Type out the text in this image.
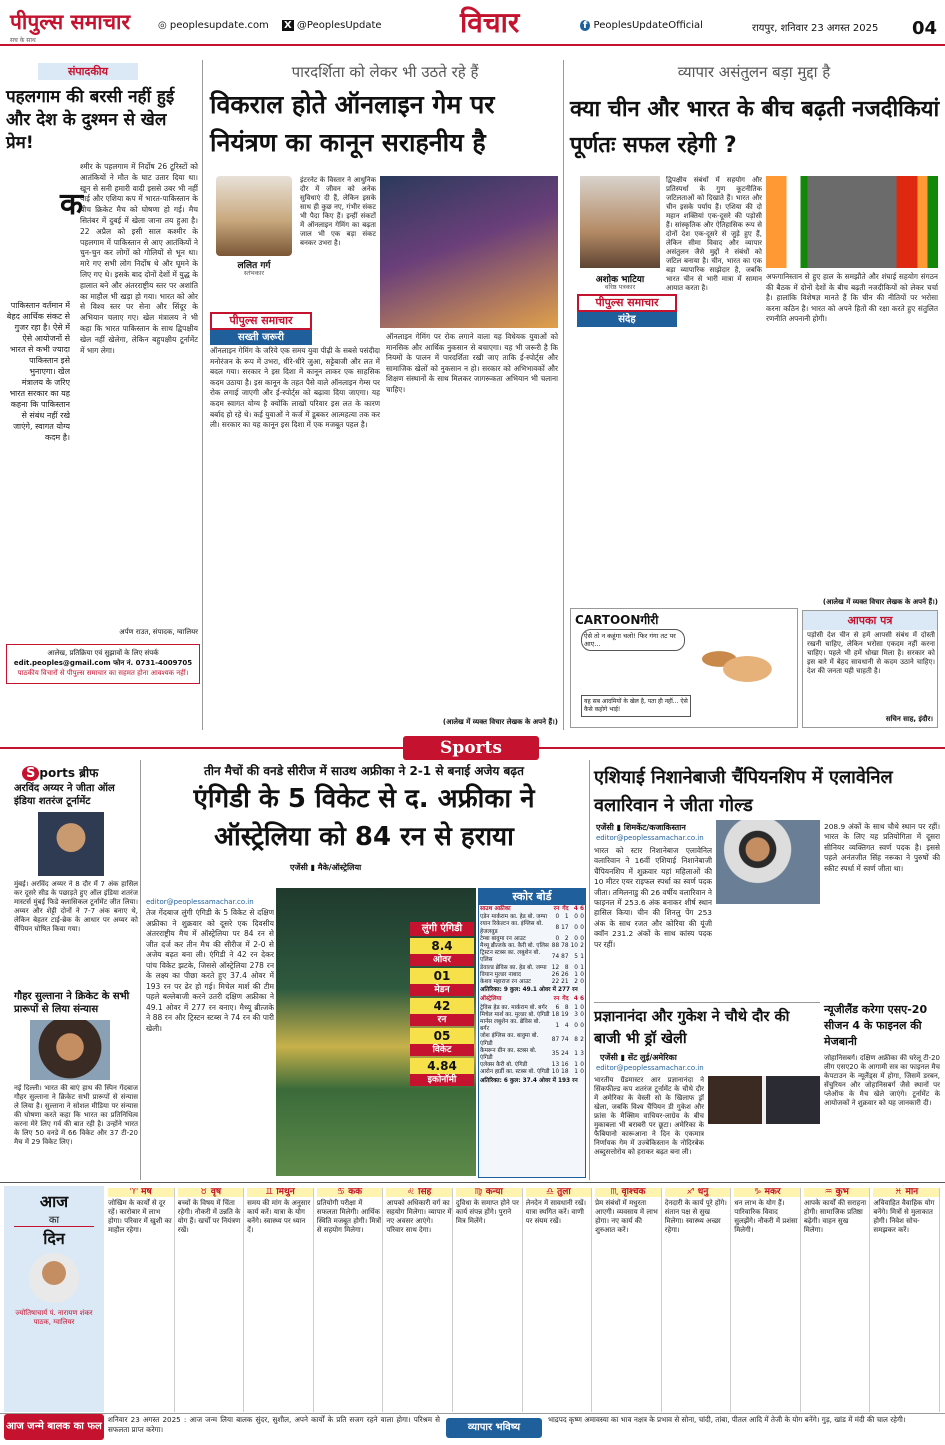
पीपुल्स समाचार
सच के साथ
◎ peoplesupdate.com X @PeoplesUpdate	विचार	f PeoplesUpdateOfficial	रायपुर, शनिवार 23 अगस्त 2025 04
संपादकीय
पहलगाम की बरसी नहीं हुई और देश के दुश्मन से खेल प्रेम!
क
श्मीर के पहलगाम में निर्दोष 26 टूरिस्टों को आतंकियों ने मौत के घाट उतार दिया था। खून से सनी हमारी वादी इससे उबर भी नहीं पाई और एशिया कप में भारत-पाकिस्तान के बीच क्रिकेट मैच को घोषणा हो गई। मैच सितंबर में दुबई में खेला जाना तय हुआ है। 22 अप्रैल को इसी साल कश्मीर के पहलगाम में पाकिस्तान से आए आतंकियों ने चुन-चुन कर लोगों को गोलियों से भून था। मारे गए सभी लोग निर्दोष थे और घूमने के लिए गए थे। इसके बाद दोनों देशों में युद्ध के हालात बने और अंतरराष्ट्रीय स्तर पर अशांति का माहौल भी खड़ा हो गया। भारत को ओर से विश्व स्तर पर सेना और सिंदूर के अभियान चलाए गए। खेल मंत्रालय ने भी कहा कि भारत पाकिस्तान के साथ द्विपक्षीय खेल नहीं खेलेगा, लेकिन बहुपक्षीय टूर्नामेंट में भाग लेगा।
पाकिस्तान वर्तमान में बेहद आर्थिक संकट से गुजर रहा है। ऐसे में ऐसे आयोजनों से भारत से कभी ज्यादा पाकिस्तान इसे भुनाएगा। खेल मंत्रालय के जरिए भारत सरकार का यह कहना कि पाकिस्तान से संबंध नहीं रखे जाएंगे, स्वागत योग्य कदम है।
अर्पण राउत, संपादक, ग्वालियर
आलेख, प्रतिक्रिया एवं सुझावों के लिए संपर्क
edit.peoples@gmail.com फोन नं. 0731-4009705
पाठकीय विचारों से पीपुल्स समाचार का सहमत होना आवश्यक नहीं।
पारदर्शिता को लेकर भी उठते रहे हैं
विकराल होते ऑनलाइन गेम पर नियंत्रण का कानून सराहनीय है
ललित गर्ग
स्तंभकार
इंटरनेट के विस्तार ने आधुनिक दौर में जीवन को अनेक सुविधाएं दी हैं, लेकिन इसके साथ ही कुछ नए, गंभीर संकट भी पैदा किए हैं। इन्हीं संकटों में ऑनलाइन गेमिंग का बढ़ता जाल भी एक बड़ा संकट बनकर उभरा है।
पीपुल्स समाचार
सख्ती जरूरी
ऑनलाइन गेमिंग के जरिये एक समय युवा पीढ़ी के सबसे पसंदीदा मनोरंजन के रूप में उभरा, धीरे-धीरे जुआ, सट्टेबाजी और लत में बदल गया। सरकार ने इस दिशा में कानून लाकर एक साहसिक कदम उठाया है। इस कानून के तहत पैसे वाले ऑनलाइन गेम्स पर रोक लगाई जाएगी और ई-स्पोर्ट्स को बढ़ावा दिया जाएगा। यह कदम स्वागत योग्य है क्योंकि लाखों परिवार इस लत के कारण बर्बाद हो रहे थे। कई युवाओं ने कर्ज में डूबकर आत्महत्या तक कर ली। सरकार का यह कानून इस दिशा में एक मजबूत पहल है।
ऑनलाइन गेमिंग पर रोक लगाने वाला यह विधेयक युवाओं को मानसिक और आर्थिक नुकसान से बचाएगा। यह भी जरूरी है कि नियमों के पालन में पारदर्शिता रखी जाए ताकि ई-स्पोर्ट्स और सामाजिक खेलों को नुकसान न हो। सरकार को अभिभावकों और शिक्षण संस्थानों के साथ मिलकर जागरूकता अभियान भी चलाना चाहिए।
(आलेख में व्यक्त विचार लेखक के अपने हैं।)
व्यापार असंतुलन बड़ा मुद्दा है
क्या चीन और भारत के बीच बढ़ती नजदीकियां पूर्णतः सफल रहेगी ?
अशोक भाटिया
वरिष्ठ पत्रकार
पीपुल्स समाचार
संदेह
द्विपक्षीय संबंधों में सहयोग और प्रतिस्पर्धा के गुण कूटनीतिक जटिलताओं को दिखाते हैं। भारत और चीन इसके पर्याय हैं। एशिया की दो महान शक्तियां एक-दूसरे की पड़ोसी हैं। सांस्कृतिक और ऐतिहासिक रूप से दोनों देश एक-दूसरे से जुड़े हुए हैं, लेकिन सीमा विवाद और व्यापार असंतुलन जैसे मुद्दों ने संबंधों को जटिल बनाया है। चीन, भारत का एक बड़ा व्यापारिक साझेदार है, जबकि भारत चीन से भारी मात्रा में सामान आयात करता है।
अफगानिस्तान से हुए हाल के समझौते और शंघाई सहयोग संगठन की बैठक में दोनों देशों के बीच बढ़ती नजदीकियों को लेकर चर्चा है। हालांकि विशेषज्ञ मानते हैं कि चीन की नीतियों पर भरोसा करना कठिन है। भारत को अपने हितों की रक्षा करते हुए संतुलित रणनीति अपनानी होगी।
(आलेख में व्यक्त विचार लेखक के अपने हैं।)
CARTOONगीरी
ऐसे तो न कहूंगा चलो! फिर गंगा तट पर आए...
यह सब आदमियों के खेल है, पता ही नहीं... ऐसे कैसे कहोगे भाई!
आपका पत्र
पड़ोसी देश चीन से हमें आपसी संबंध में दोस्ती रखनी चाहिए, लेकिन भरोसा एकदम नहीं करना चाहिए। पहले भी हमें धोखा मिला है। सरकार को इस बारे में बेहद सावधानी से कदम उठाने चाहिए। देश की जनता यही चाहती है।
सचिन साह, इंदौर।
Sports
S ports ब्रीफ
अरविंद अय्यर ने जीता ऑल इंडिया शतरंज टूर्नामेंट
मुंबई। अरविंद अय्यर ने 8 दौर में 7 अंक हासिल कर दूसरे सीड के पछाड़ते हुए ऑल इंडिया शतरंज मास्टर्स मुंबई फिडे क्लासिकल टूर्नामेंट जीत लिया। अय्यर और शेट्टी दोनों ने 7-7 अंक बनाए थे, लेकिन बेहतर टाई-ब्रेक के आधार पर अय्यर को चैंपियन घोषित किया गया।
गौहर सुल्ताना ने क्रिकेट के सभी प्रारूपों से लिया संन्यास
नई दिल्ली। भारत की बाएं हाथ की स्पिन गेंदबाज गौहर सुल्ताना ने क्रिकेट सभी प्रारूपों से संन्यास ले लिया है। सुल्ताना ने सोशल मीडिया पर संन्यास की घोषणा करते कहा कि भारत का प्रतिनिधित्व करना मेरे लिए गर्व की बात रही है। उन्होंने भारत के लिए 50 वनडे में 66 विकेट और 37 टी-20 मैच में 29 विकेट लिए।
तीन मैचों की वनडे सीरीज में साउथ अफ्रीका ने 2-1 से बनाई अजेय बढ़त
एंगिडी के 5 विकेट से द. अफ्रीका ने ऑस्ट्रेलिया को 84 रन से हराया
एजेंसी ▮ मैके/ऑस्ट्रेलिया
editor@peoplessamachar.co.in
तेज गेंदबाज लुंगी एंगिडी के 5 विकेट से दक्षिण अफ्रीका ने शुक्रवार को दूसरे एक दिवसीय अंतरराष्ट्रीय मैच में ऑस्ट्रेलिया पर 84 रन से जीत दर्ज कर तीन मैच की सीरीज में 2-0 से अजेय बढ़त बना ली। एंगिडी ने 42 रन देकर पांच विकेट झटके, जिससे ऑस्ट्रेलिया 278 रन के लक्ष्य का पीछा करते हुए 37.4 ओवर में 193 रन पर ढेर हो गई। मिचेल मार्श की टीम पहले बल्लेबाजी करने उतरी दक्षिण अफ्रीका ने 49.1 ओवर में 277 रन बनाए। मैथ्यू ब्रीत्जके ने 88 रन और ट्रिस्टन स्टब्स ने 74 रन की पारी खेली।
लुंगी एंगिडी
8.4
ओवर
01
मेडन
42
रन
05
विकेट
4.84
इकोनॉमी
स्कोर बोर्ड
साउथ अफ्रीका	रन	गेंद	4	6
एडेन मार्कराम का. हेड बो. जम्पा	0	1	0	0
रयान रिकेल्टन का. इंग्लिस बो. हेजलवुड	8	17	0	0
टेम्बा बावुमा रन आउट	0	2	0	0
मैथ्यू ब्रीत्जके का. कैरी बो. एलिस	88	78	10	2
ट्रिस्टन स्टब्स का. लबुशेन बो. एलिस	74	87	5	1
डेवाल्ड ब्रेविस का. हेड बो. जम्पा	12	8	0	1
वियान मुल्डर नाबाद	26	26	1	0
केशव महाराज रन आउट	22	21	2	0
अतिरिक्त: 9 कुल: 49.1 ओवर में 277 रन				
ऑस्ट्रेलिया	रन	गेंद	4	6
ट्रेविस हेड का. मार्कराम बो. बर्गर	6	8	1	0
मिचेल मार्श का. मुल्डर बो. एंगिडी	18	19	3	0
मार्नस लबुशेन का. ब्रेविस बो. बर्गर	1	4	0	0
जोश इंग्लिस का. बावुमा बो. एंगिडी	87	74	8	2
कैमरून ग्रीन का. स्टब्स बो. एंगिडी	35	24	1	3
एलेक्स कैरी बो. एंगिडी	13	16	1	0
आरोन हार्डी का. स्टब्स बो. एंगिडी	10	18	1	0
अतिरिक्त: 6 कुल: 37.4 ओवर में 193 रन				
एशियाई निशानेबाजी चैंपियनशिप में एलावेनिल वलारिवान ने जीता गोल्ड
एजेंसी ▮ शिमकेंट/कजाकिस्तान
editor@peoplessamachar.co.in
भारत को स्टार निशानेबाज एलावेनिल वलारिवान ने 16वीं एशियाई निशानेबाजी चैंपियनशिप में शुक्रवार यहां महिलाओं की 10 मीटर एयर राइफल स्पर्धा का स्वर्ण पदक जीता। तमिलनाडु की 26 वर्षीय वलारिवान ने फाइनल में 253.6 अंक बनाकर शीर्ष स्थान हासिल किया। चीन की शिनलु पेंग 253 अंक के साथ रजत और कोरिया की यूंजी क्वॉन 231.2 अंकों के साथ कांस्य पदक पर रहीं।
208.9 अंकों के साथ चौथे स्थान पर रहीं। भारत के लिए यह प्रतियोगिता में दूसरा सीनियर व्यक्तिगत स्वर्ण पदक है। इससे पहले अनंतजीत सिंह नरूका ने पुरुषों की स्कीट स्पर्धा में स्वर्ण जीता था।
प्रज्ञानानंदा और गुकेश ने चौथे दौर की बाजी भी ड्रॉ खेली
एजेंसी ▮ सेंट लुई/अमेरिका
editor@peoplessamachar.co.in
भारतीय ग्रैंडमास्टर आर प्रज्ञानानंदा ने सिंकफील्ड कप शतरंज टूर्नामेंट के चौथे दौर में अमेरिका के वेस्ली सो के खिलाफ ड्रॉ खेला, जबकि विश्व चैंपियन डी गुकेश और फ्रांस के मैक्सिम वाचियर-लाग्रेव के बीच मुकाबला भी बराबरी पर छूटा। अमेरिका के फैबियानो कारूआना ने दिन के एकमात्र निर्णायक गेम में उज्बेकिस्तान के नोदिरबेक अब्दुसत्तोरोव को हराकर बढ़त बना ली।
न्यूजीलैंड करेगा एसए-20 सीजन 4 के फाइनल की मेजबानी
जोहानिसबर्ग। दक्षिण अफ्रीका की घरेलू टी-20 लीग एसए20 के आगामी सत्र का फाइनल मैच केपटाउन के न्यूलैंड्स में होगा, जिसमें डरबन, सेंचुरियन और जोहानिसबर्ग जैसे स्थानों पर प्लेऑफ के मैच खेले जाएंगे। टूर्नामेंट के आयोजकों ने शुक्रवार को यह जानकारी दी।
आज
का
दिन
ज्योतिषाचार्य पं. नारायण शंकर पाठक, ग्वालियर
♈ मेष
जोखिम के कार्यों से दूर रहें। कारोबार में लाभ होगा। परिवार में खुशी का माहौल रहेगा।
♉ वृष
बच्चों के विषय में चिंता रहेगी। नौकरी में उन्नति के योग हैं। खर्चों पर नियंत्रण रखें।
♊ मिथुन
समय की मांग के अनुसार कार्य करें। यात्रा के योग बनेंगे। स्वास्थ्य पर ध्यान दें।
♋ कर्क
प्रतियोगी परीक्षा में सफलता मिलेगी। आर्थिक स्थिति मजबूत होगी। मित्रों से सहयोग मिलेगा।
♌ सिंह
आपको अधिकारी वर्ग का सहयोग मिलेगा। व्यापार में नए अवसर आएंगे। परिवार साथ देगा।
♍ कन्या
दुविधा के समाप्त होने पर कार्य संपन्न होंगे। पुराने मित्र मिलेंगे।
♎ तुला
लेनदेन में सावधानी रखें। यात्रा स्थगित करें। वाणी पर संयम रखें।
♏ वृश्चिक
प्रेम संबंधों में मधुरता आएगी। व्यवसाय में लाभ होगा। नए कार्य की शुरुआत करें।
♐ धनु
देनदारी के कार्य पूरे होंगे। संतान पक्ष से सुख मिलेगा। स्वास्थ्य अच्छा रहेगा।
♑ मकर
धन लाभ के योग हैं। पारिवारिक विवाद सुलझेंगे। नौकरी में प्रशंसा मिलेगी।
♒ कुंभ
आपके कार्यों की सराहना होगी। सामाजिक प्रतिष्ठा बढ़ेगी। वाहन सुख मिलेगा।
♓ मीन
अविवाहित वैवाहिक योग बनेंगे। मित्रों से मुलाकात होगी। निवेश सोच-समझकर करें।
आज जन्मे बालक का फल
शनिवार 23 अगस्त 2025 : आज जन्म लिया बालक सुंदर, सुशील, अपने कार्यों के प्रति सजग रहने वाला होगा। परिश्रम से सफलता प्राप्त करेगा।	व्यापार भविष्य
भाद्रपद कृष्ण अमावस्या का भाव नक्षत्र के प्रभाव से सोना, चांदी, तांबा, पीतल आदि में तेजी के योग बनेंगे। गुड़, खांड में मंदी की चाल रहेगी।
